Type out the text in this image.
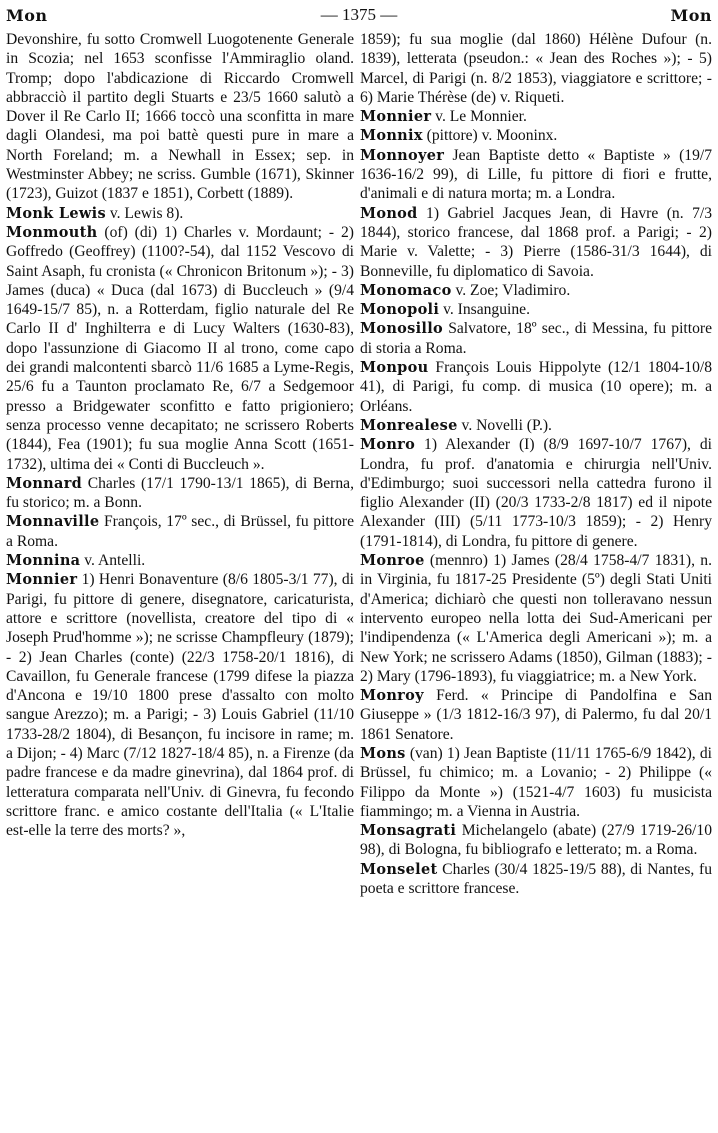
Mon	— 1375 —	Mon

Devonshire, fu sotto Cromwell Luogotenente Generale in Scozia; nel 1653 sconfisse l'Ammiraglio oland. Tromp; dopo l'abdicazione di Riccardo Cromwell abbracciò il partito degli Stuarts e 23/5 1660 salutò a Dover il Re Carlo II; 1666 toccò una sconfitta in mare dagli Olandesi, ma poi battè questi pure in mare a North Foreland; m. a Newhall in Essex; sep. in Westminster Abbey; ne scriss. Gumble (1671), Skinner (1723), Guizot (1837 e 1851), Corbett (1889).

Monk Lewis v. Lewis 8).

Monmouth (of) (di) 1) Charles v. Mordaunt; - 2) Goffredo (Geoffrey) (1100?-54), dal 1152 Vescovo di Saint Asaph, fu cronista (« Chronicon Britonum »); - 3) James (duca) « Duca (dal 1673) di Buccleuch » (9/4 1649-15/7 85), n. a Rotterdam, figlio naturale del Re Carlo II d' Inghilterra e di Lucy Walters (1630-83), dopo l'assunzione di Giacomo II al trono, come capo dei grandi malcontenti sbarcò 11/6 1685 a Lyme-Regis, 25/6 fu a Taunton proclamato Re, 6/7 a Sedgemoor presso a Bridgewater sconfitto e fatto prigioniero; senza processo venne decapitato; ne scrissero Roberts (1844), Fea (1901); fu sua moglie Anna Scott (1651-1732), ultima dei « Conti di Buccleuch ».

Monnard Charles (17/1 1790-13/1 1865), di Berna, fu storico; m. a Bonn.

Monnaville François, 17º sec., di Brüssel, fu pittore a Roma.

Monnina v. Antelli.

Monnier 1) Henri Bonaventure (8/6 1805-3/1 77), di Parigi, fu pittore di genere, disegnatore, caricaturista, attore e scrittore (novellista, creatore del tipo di « Joseph Prud'homme »); ne scrisse Champfleury (1879); - 2) Jean Charles (conte) (22/3 1758-20/1 1816), di Cavaillon, fu Generale francese (1799 difese la piazza d'Ancona e 19/10 1800 prese d'assalto con molto sangue Arezzo); m. a Parigi; - 3) Louis Gabriel (11/10 1733-28/2 1804), di Besançon, fu incisore in rame; m. a Dijon; - 4) Marc (7/12 1827-18/4 85), n. a Firenze (da padre francese e da madre ginevrina), dal 1864 prof. di letteratura comparata nell'Univ. di Ginevra, fu fecondo scrittore franc. e amico costante dell'Italia (« L'Italie est-elle la terre des morts? »,

1859); fu sua moglie (dal 1860) Hélène Dufour (n. 1839), letterata (pseudon.: « Jean des Roches »); - 5) Marcel, di Parigi (n. 8/2 1853), viaggiatore e scrittore; - 6) Marie Thérèse (de) v. Riqueti.

Monnier v. Le Monnier.

Monnix (pittore) v. Mooninx.

Monnoyer Jean Baptiste detto « Baptiste » (19/7 1636-16/2 99), di Lille, fu pittore di fiori e frutte, d'animali e di natura morta; m. a Londra.

Monod 1) Gabriel Jacques Jean, di Havre (n. 7/3 1844), storico francese, dal 1868 prof. a Parigi; - 2) Marie v. Valette; - 3) Pierre (1586-31/3 1644), di Bonneville, fu diplomatico di Savoia.

Monomaco v. Zoe; Vladimiro.

Monopoli v. Insanguine.

Monosillo Salvatore, 18º sec., di Messina, fu pittore di storia a Roma.

Monpou François Louis Hippolyte (12/1 1804-10/8 41), di Parigi, fu comp. di musica (10 opere); m. a Orléans.

Monrealese v. Novelli (P.).

Monro 1) Alexander (I) (8/9 1697-10/7 1767), di Londra, fu prof. d'anatomia e chirurgia nell'Univ. d'Edimburgo; suoi successori nella cattedra furono il figlio Alexander (II) (20/3 1733-2/8 1817) ed il nipote Alexander (III) (5/11 1773-10/3 1859); - 2) Henry (1791-1814), di Londra, fu pittore di genere.

Monroe (mennro) 1) James (28/4 1758-4/7 1831), n. in Virginia, fu 1817-25 Presidente (5º) degli Stati Uniti d'America; dichiarò che questi non tolleravano nessun intervento europeo nella lotta dei Sud-Americani per l'indipendenza (« L'America degli Americani »); m. a New York; ne scrissero Adams (1850), Gilman (1883); - 2) Mary (1796-1893), fu viaggiatrice; m. a New York.

Monroy Ferd. « Principe di Pandolfina e San Giuseppe » (1/3 1812-16/3 97), di Palermo, fu dal 20/1 1861 Senatore.

Mons (van) 1) Jean Baptiste (11/11 1765-6/9 1842), di Brüssel, fu chimico; m. a Lovanio; - 2) Philippe (« Filippo da Monte ») (1521-4/7 1603) fu musicista fiammingo; m. a Vienna in Austria.

Monsagrati Michelangelo (abate) (27/9 1719-26/10 98), di Bologna, fu bibliografo e letterato; m. a Roma.

Monselet Charles (30/4 1825-19/5 88), di Nantes, fu poeta e scrittore francese.
